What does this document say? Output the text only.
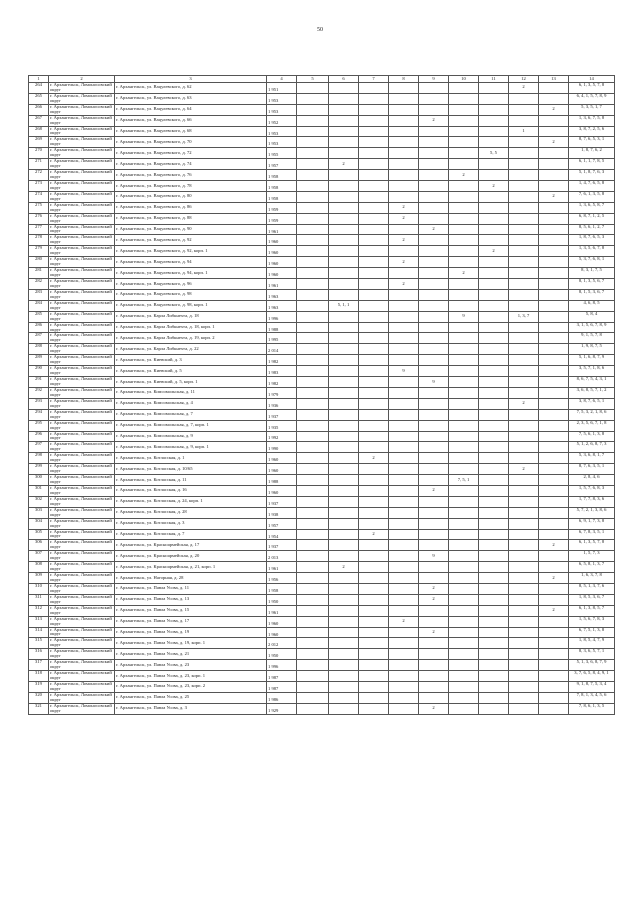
50
1	2	3	4	5	6	7	8	9	10	11	12	13	14
264	г. Архангельск, Ломоносовский округ	г. Архангельск, ул. Вацулевского, д. 62	1 951								2		6, 1, 3, 5, 7, 8
265	г. Архангельск, Ломоносовский округ	г. Архангельск, ул. Вацулевского, д. 63	1 953										6, 4, 1, 5, 7, 8, 9
266	г. Архангельск, Ломоносовский округ	г. Архангельск, ул. Вацулевского, д. 64	1 953									2	5, 3, 5, 1, 7
267	г. Архангельск, Ломоносовский округ	г. Архангельск, ул. Вацулевского, д. 66	1 952					2					1, 3, 6, 7, 5, 8
268	г. Архангельск, Ломоносовский округ	г. Архангельск, ул. Вацулевского, д. 68	1 953								1		3, 8, 7, 2, 5, 6
269	г. Архангельск, Ломоносовский округ	г. Архангельск, ул. Вацулевского, д. 70	1 953									2	8, 7, 6, 5, 3, 1
270	г. Архангельск, Ломоносовский округ	г. Архангельск, ул. Вацулевского, д. 72	1 955							5, 5			1, 8, 7, 6, 2
271	г. Архангельск, Ломоносовский округ	г. Архангельск, ул. Вацулевского, д. 74	1 957		2								6, 1, 1, 7, 8, 5
272	г. Архангельск, Ломоносовский округ	г. Архангельск, ул. Вацулевского, д. 76	1 958						2				5, 1, 8, 7, 6, 3
273	г. Архангельск, Ломоносовский округ	г. Архангельск, ул. Вацулевского, д. 78	1 958							2			1, 4, 7, 6, 5, 8
274	г. Архангельск, Ломоносовский округ	г. Архангельск, ул. Вацулевского, д. 80	1 958									2	7, 6, 1, 3, 5, 8
275	г. Архангельск, Ломоносовский округ	г. Архангельск, ул. Вацулевского, д. 86	1 959				2						1, 3, 6, 5, 8, 7
276	г. Архангельск, Ломоносовский округ	г. Архангельск, ул. Вацулевского, д. 88	1 959				2						6, 8, 7, 1, 2, 5
277	г. Архангельск, Ломоносовский округ	г. Архангельск, ул. Вацулевского, д. 90	1 961					2					8, 5, 6, 1, 2, 7
278	г. Архангельск, Ломоносовский округ	г. Архангельск, ул. Вацулевского, д. 92	1 960				2						1, 8, 7, 6, 5, 3
279	г. Архангельск, Ломоносовский округ	г. Архангельск, ул. Вацулевского, д. 92, корп. 1	1 960							2			1, 3, 5, 6, 7, 8
280	г. Архангельск, Ломоносовский округ	г. Архангельск, ул. Вацулевского, д. 94	1 960				2						5, 3, 7, 6, 8, 1
281	г. Архангельск, Ломоносовский округ	г. Архангельск, ул. Вацулевского, д. 94, корп. 1	1 960						2				8, 3, 1, 7, 5
282	г. Архангельск, Ломоносовский округ	г. Архангельск, ул. Вацулевского, д. 96	1 961				2						8, 1, 3, 5, 6, 7
283	г. Архангельск, Ломоносовский округ	г. Архангельск, ул. Вацулевского, д. 98	1 963										8, 1, 5, 3, 6, 7
284	г. Архангельск, Ломоносовский округ	г. Архангельск, ул. Вацулевского, д. 98, корп. 1	1 963		5, 1, 1								4, 6, 8, 5
285	г. Архангельск, Ломоносовский округ	г. Архангельск, ул. Карла Либкнехта, д. 18	1 996						9		1, 3, 7		5, 8, 4
286	г. Архангельск, Ломоносовский округ	г. Архангельск, ул. Карла Либкнехта, д. 18, корп. 1	1 988										3, 1, 5, 6, 7, 8, 9
287	г. Архангельск, Ломоносовский округ	г. Архангельск, ул. Карла Либкнехта, д. 19, корп. 2	1 995										9, 1, 5, 7, 8
288	г. Архангельск, Ломоносовский округ	г. Архангельск, ул. Карла Либкнехта, д. 22	2 014										1, 9, 8, 7, 5
289	г. Архангельск, Ломоносовский округ	г. Архангельск, ул. Киевский, д. 3	1 982										5, 1, 6, 8, 7, 9
290	г. Архангельск, Ломоносовский округ	г. Архангельск, ул. Киевский, д. 5	1 983				9						3, 5, 7, 1, 8, 6
291	г. Архангельск, Ломоносовский округ	г. Архангельск, ул. Киевский, д. 5, корп. 1	1 982					9					8, 6, 7, 5, 4, 3, 1
292	г. Архангельск, Ломоносовский округ	г. Архангельск, ул. Комсомольская, д. 11	1 979										3, 6, 8, 5, 7, 1, 2
293	г. Архангельск, Ломоносовский округ	г. Архангельск, ул. Комсомольская, д. 4	1 936								2		3, 8, 7, 6, 5, 1
294	г. Архангельск, Ломоносовский округ	г. Архангельск, ул. Комсомольская, д. 7	1 937										7, 5, 3, 2, 1, 8, 6
295	г. Архангельск, Ломоносовский округ	г. Архангельск, ул. Комсомольская, д. 7, корп. 1	1 935										2, 3, 5, 6, 7, 1, 8
296	г. Архангельск, Ломоносовский округ	г. Архангельск, ул. Комсомольская, д. 9	1 992										7, 5, 6, 1, 3, 8
297	г. Архангельск, Ломоносовский округ	г. Архангельск, ул. Комсомольская, д. 9, корп. 1	1 990										5, 1, 2, 6, 8, 7, 3
298	г. Архангельск, Ломоносовский округ	г. Архангельск, ул. Котласская, д. 1	1 960			2							5, 3, 6, 8, 1, 7
299	г. Архангельск, Ломоносовский округ	г. Архангельск, ул. Котласская, д. 10/65	1 960								2		8, 7, 6, 3, 5, 1
300	г. Архангельск, Ломоносовский округ	г. Архангельск, ул. Котласская, д. 11	1 988						7, 5, 1				2, 8, 4, 6
301	г. Архангельск, Ломоносовский округ	г. Архангельск, ул. Котласская, д. 16	1 960					2					1, 5, 7, 6, 8, 3
302	г. Архангельск, Ломоносовский округ	г. Архангельск, ул. Котласская, д. 24, корп. 1	1 937										1, 7, 7, 8, 3, 6
303	г. Архангельск, Ломоносовский округ	г. Архангельск, ул. Котласская, д. 28	1 938										5, 7, 2, 1, 3, 8, 6
304	г. Архангельск, Ломоносовский округ	г. Архангельск, ул. Котласская, д. 3	1 957										6, 9, 1, 7, 3, 8
305	г. Архангельск, Ломоносовский округ	г. Архангельск, ул. Котласская, д. 7	1 954			2							6, 7, 8, 3, 5, 1
306	г. Архангельск, Ломоносовский округ	г. Архангельск, ул. Красноармейская, д. 17	1 937									2	6, 1, 3, 5, 7, 8
307	г. Архангельск, Ломоносовский округ	г. Архангельск, ул. Красноармейская, д. 20	2 013					9					1, 5, 7, 3
308	г. Архангельск, Ломоносовский округ	г. Архангельск, ул. Красноармейская, д. 21, корп. 1	1 961		2								6, 5, 8, 1, 3, 7
309	г. Архангельск, Ломоносовский округ	г. Архангельск, ул. Нагорная, д. 28	1 956									2	1, 6, 3, 7, 8
310	г. Архангельск, Ломоносовский округ	г. Архангельск, ул. Павла Усова, д. 11	1 958					2					8, 5, 1, 3, 7, 6
311	г. Архангельск, Ломоносовский округ	г. Архангельск, ул. Павла Усова, д. 13	1 950					2					1, 8, 5, 3, 6, 7
312	г. Архангельск, Ломоносовский округ	г. Архангельск, ул. Павла Усова, д. 15	1 961									2	6, 1, 3, 8, 5, 7
313	г. Архангельск, Ломоносовский округ	г. Архангельск, ул. Павла Усова, д. 17	1 960				2						1, 5, 6, 7, 8, 3
314	г. Архангельск, Ломоносовский округ	г. Архангельск, ул. Павла Усова, д. 19	1 960					2					6, 7, 5, 1, 3, 8
315	г. Архангельск, Ломоносовский округ	г. Архангельск, ул. Павла Усова, д. 19, корп. 1	2 012										1, 8, 5, 4, 7, 9
316	г. Архангельск, Ломоносовский округ	г. Архангельск, ул. Павла Усова, д. 21	1 950										8, 3, 6, 5, 7, 1
317	г. Архангельск, Ломоносовский округ	г. Архангельск, ул. Павла Усова, д. 23	1 996										5, 1, 3, 6, 8, 7, 9
318	г. Архангельск, Ломоносовский округ	г. Архангельск, ул. Павла Усова, д. 23, корп. 1	1 987										3, 7, 6, 5, 8, 4, 9, 1
319	г. Архангельск, Ломоносовский округ	г. Архангельск, ул. Павла Усова, д. 23, корп. 2	1 987										9, 1, 8, 7, 5, 3, 4
320	г. Архангельск, Ломоносовский округ	г. Архангельск, ул. Павла Усова, д. 25	1 986										7, 8, 1, 3, 4, 5, 6
321	г. Архангельск, Ломоносовский округ	г. Архангельск, ул. Павла Усова, д. 3	1 929					2					7, 8, 6, 1, 3, 5
